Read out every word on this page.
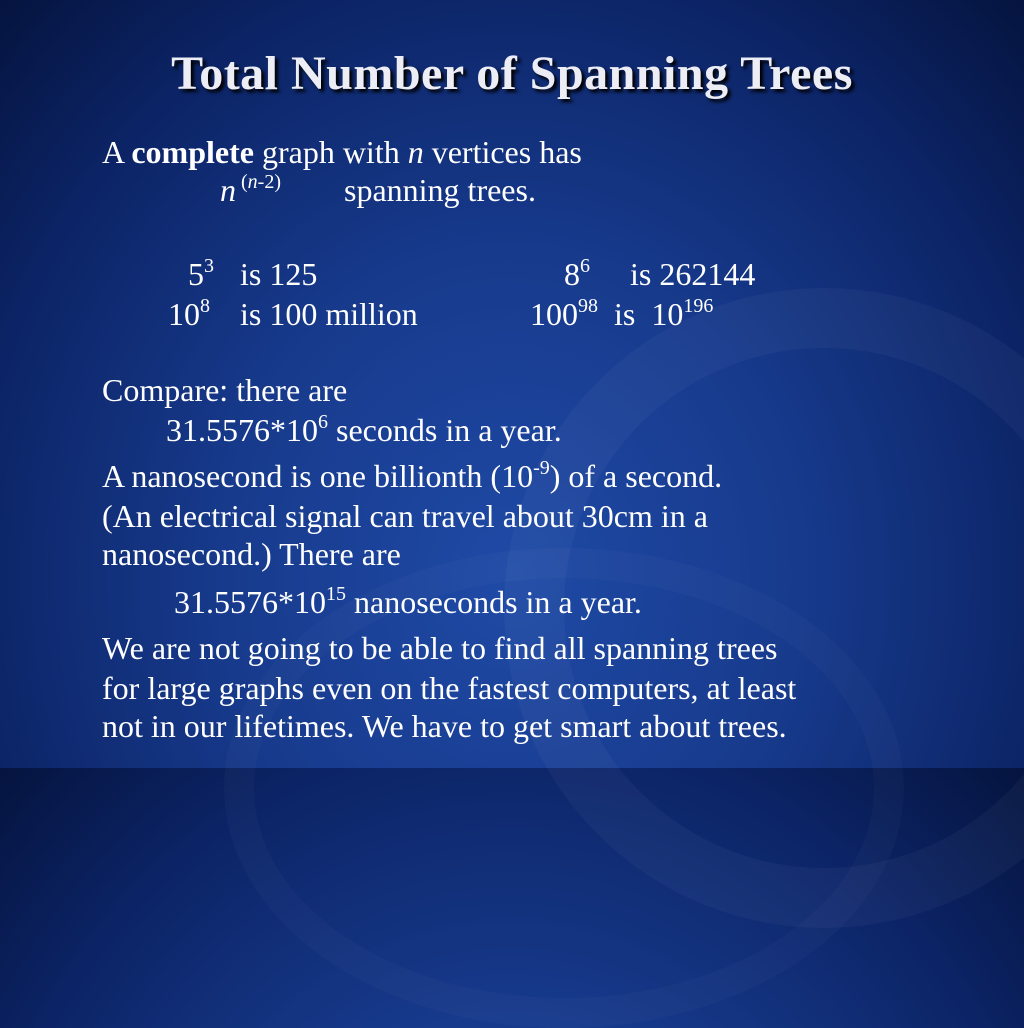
Total Number of Spanning Trees
A complete graph with n vertices has
n $^{(n-2)}$ spanning trees.
$5^3$ is 125	$8^6$ is 262144
$10^8$ is 100 million	$100^{98}$ is  $10^{196}$
Compare: there are
$31.5576*10^6$ seconds in a year.
A nanosecond is one billionth $(10^{-9})$ of a second.
(An electrical signal can travel about 30cm in a
nanosecond.) There are
$31.5576*10^{15}$ nanoseconds in a year.
We are not going to be able to find all spanning trees
for large graphs even on the fastest computers, at least
not in our lifetimes. We have to get smart about trees.
